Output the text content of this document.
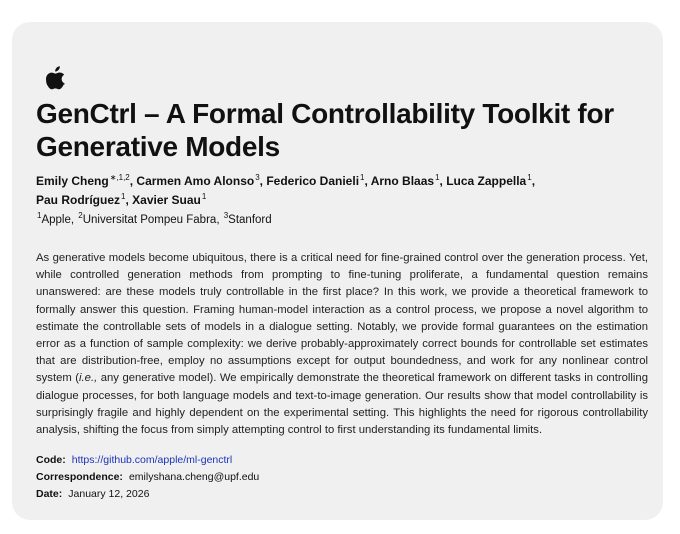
GenCtrl – A Formal Controllability Toolkit for Generative Models
Emily Cheng$^{∗,1,2}$, Carmen Amo Alonso$^3$, Federico Danieli$^1$, Arno Blaas$^1$, Luca Zappella$^1$,
Pau Rodríguez$^1$, Xavier Suau$^1$
$^1$Apple, $^2$Universitat Pompeu Fabra, $^3$Stanford

As generative models become ubiquitous, there is a critical need for fine-grained control over the generation process. Yet, while controlled generation methods from prompting to fine-tuning proliferate, a fundamental question remains unanswered: are these models truly controllable in the first place? In this work, we provide a theoretical framework to formally answer this question. Framing human-model interaction as a control process, we propose a novel algorithm to estimate the controllable sets of models in a dialogue setting. Notably, we provide formal guarantees on the estimation error as a function of sample complexity: we derive probably-approximately correct bounds for controllable set estimates that are distribution-free, employ no assumptions except for output boundedness, and work for any nonlinear control system (i.e., any generative model). We empirically demonstrate the theoretical framework on different tasks in controlling dialogue processes, for both language models and text-to-image generation. Our results show that model controllability is surprisingly fragile and highly dependent on the experimental setting. This highlights the need for rigorous controllability analysis, shifting the focus from simply attempting control to first understanding its fundamental limits.

Code: https://github.com/apple/ml-genctrl
Correspondence: emilyshana.cheng@upf.edu
Date: January 12, 2026
